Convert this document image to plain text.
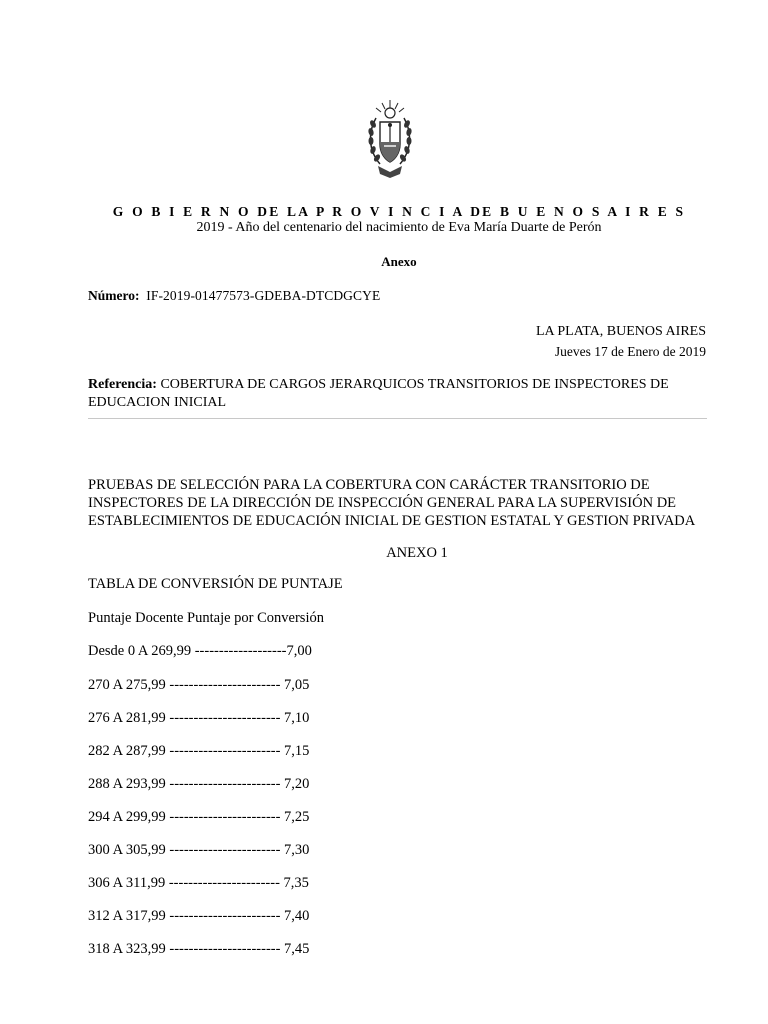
G O B I E R N O DE LA P R O V I N C I A DE B U E N O S A I R E S
2019 - Año del centenario del nacimiento de Eva María Duarte de Perón
Anexo
Número: IF-2019-01477573-GDEBA-DTCDGCYE
LA PLATA, BUENOS AIRES
Jueves 17 de Enero de 2019
Referencia: COBERTURA DE CARGOS JERARQUICOS TRANSITORIOS DE INSPECTORES DE EDUCACION INICIAL
PRUEBAS DE SELECCIÓN PARA LA COBERTURA CON CARÁCTER TRANSITORIO DE INSPECTORES DE LA DIRECCIÓN DE INSPECCIÓN GENERAL PARA LA SUPERVISIÓN DE ESTABLECIMIENTOS DE EDUCACIÓN INICIAL DE GESTION ESTATAL Y GESTION PRIVADA
ANEXO 1
TABLA DE CONVERSIÓN DE PUNTAJE
Puntaje Docente Puntaje por Conversión
Desde 0 A 269,99 -------------------7,00
270 A 275,99 ----------------------- 7,05
276 A 281,99 ----------------------- 7,10
282 A 287,99 ----------------------- 7,15
288 A 293,99 ----------------------- 7,20
294 A 299,99 ----------------------- 7,25
300 A 305,99 ----------------------- 7,30
306 A 311,99 ----------------------- 7,35
312 A 317,99 ----------------------- 7,40
318 A 323,99 ----------------------- 7,45
